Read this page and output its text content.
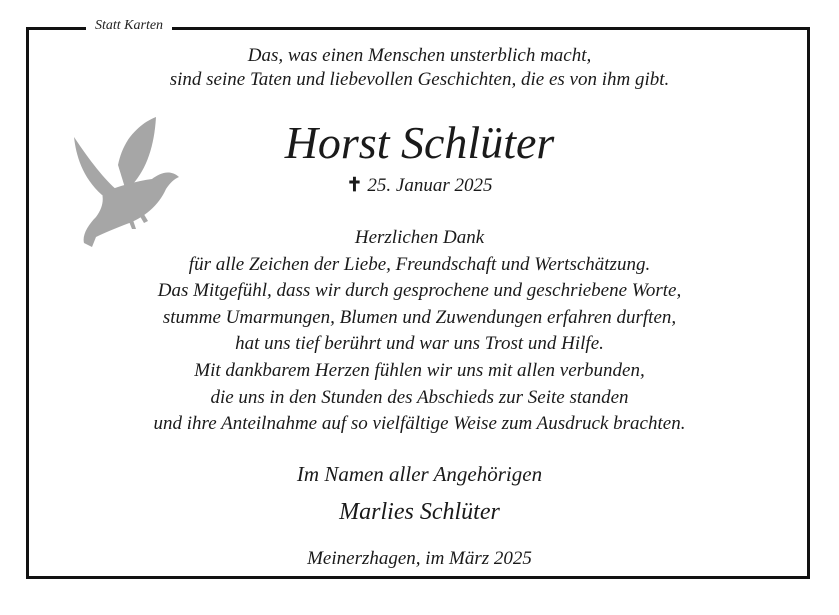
Statt Karten
Das, was einen Menschen unsterblich macht,
sind seine Taten und liebevollen Geschichten, die es von ihm gibt.
Horst Schlüter
✝ 25. Januar 2025
Herzlichen Dank
für alle Zeichen der Liebe, Freundschaft und Wertschätzung.
Das Mitgefühl, dass wir durch gesprochene und geschriebene Worte,
stumme Umarmungen, Blumen und Zuwendungen erfahren durften,
hat uns tief berührt und war uns Trost und Hilfe.
Mit dankbarem Herzen fühlen wir uns mit allen verbunden,
die uns in den Stunden des Abschieds zur Seite standen
und ihre Anteilnahme auf so vielfältige Weise zum Ausdruck brachten.
Im Namen aller Angehörigen
Marlies Schlüter
Meinerzhagen, im März 2025
